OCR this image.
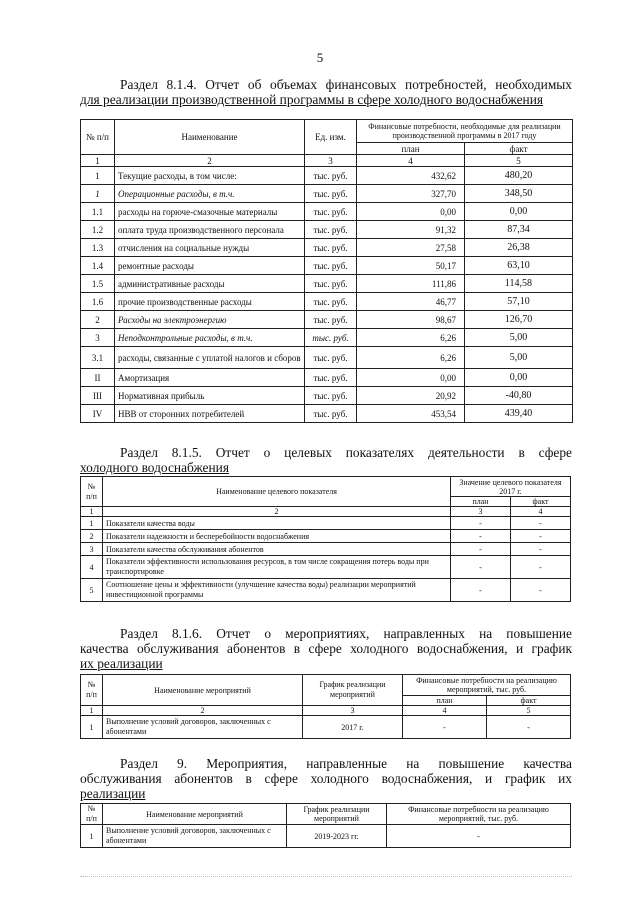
5
Раздел 8.1.4. Отчет об объемах финансовых потребностей, необходимых
для реализации производственной программы в сфере холодного водоснабжения
№ п/п	Наименование	Ед. изм.	Финансовые потребности, необходимые для реализации производственной программы в 2017 году	
			план	факт
1	2	3	4	5
1	Текущие расходы, в том числе:	тыс. руб.	432,62	480,20
1	Операционные расходы, в т.ч.	тыс. руб.	327,70	348,50
1.1	расходы на горюче-смазочные материалы	тыс. руб.	0,00	0,00
1.2	оплата труда производственного персонала	тыс. руб.	91,32	87,34
1.3	отчисления на социальные нужды	тыс. руб.	27,58	26,38
1.4	ремонтные расходы	тыс. руб.	50,17	63,10
1.5	административные расходы	тыс. руб.	111,86	114,58
1.6	прочие производственные расходы	тыс. руб.	46,77	57,10
2	Расходы на электроэнергию	тыс. руб.	98,67	126,70
3	Неподконтрольные расходы, в т.ч.	тыс. руб.	6,26	5,00
3.1	расходы, связанные с уплатой налогов и сборов	тыс. руб.	6,26	5,00
II	Амортизация	тыс. руб.	0,00	0,00
III	Нормативная прибыль	тыс. руб.	20,92	-40,80
IV	НВВ от сторонних потребителей	тыс. руб.	453,54	439,40
Раздел 8.1.5. Отчет о целевых показателях деятельности в сфере
холодного водоснабжения
№ п/п	Наименование целевого показателя	Значение целевого показателя 2017 г.	
		план	факт
1	2	3	4
1	Показатели качества воды	-	-
2	Показатели надежности и бесперебойности водоснабжения	-	-
3	Показатели качества обслуживания абонентов	-	-
4	Показатели эффективности использования ресурсов, в том числе сокращения потерь воды при транспортировке	-	-
5	Соотношение цены и эффективности (улучшение качества воды) реализации мероприятий инвестиционной программы	-	-
Раздел 8.1.6. Отчет о мероприятиях, направленных на повышение
качества обслуживания абонентов в сфере холодного водоснабжения, и график
их реализации
№ п/п	Наименование мероприятий	График реализации мероприятий	Финансовые потребности на реализацию мероприятий, тыс. руб.	
			план	факт
1	2	3	4	5
1	Выполнение условий договоров, заключенных с абонентами	2017 г.	-	-
Раздел 9. Мероприятия, направленные на повышение качества
обслуживания абонентов в сфере холодного водоснабжения, и график их
реализации
№ п/п	Наименование мероприятий	График реализации мероприятий	Финансовые потребности на реализацию мероприятий, тыс. руб.
1	Выполнение условий договоров, заключенных с абонентами	2019-2023 гг.	-
